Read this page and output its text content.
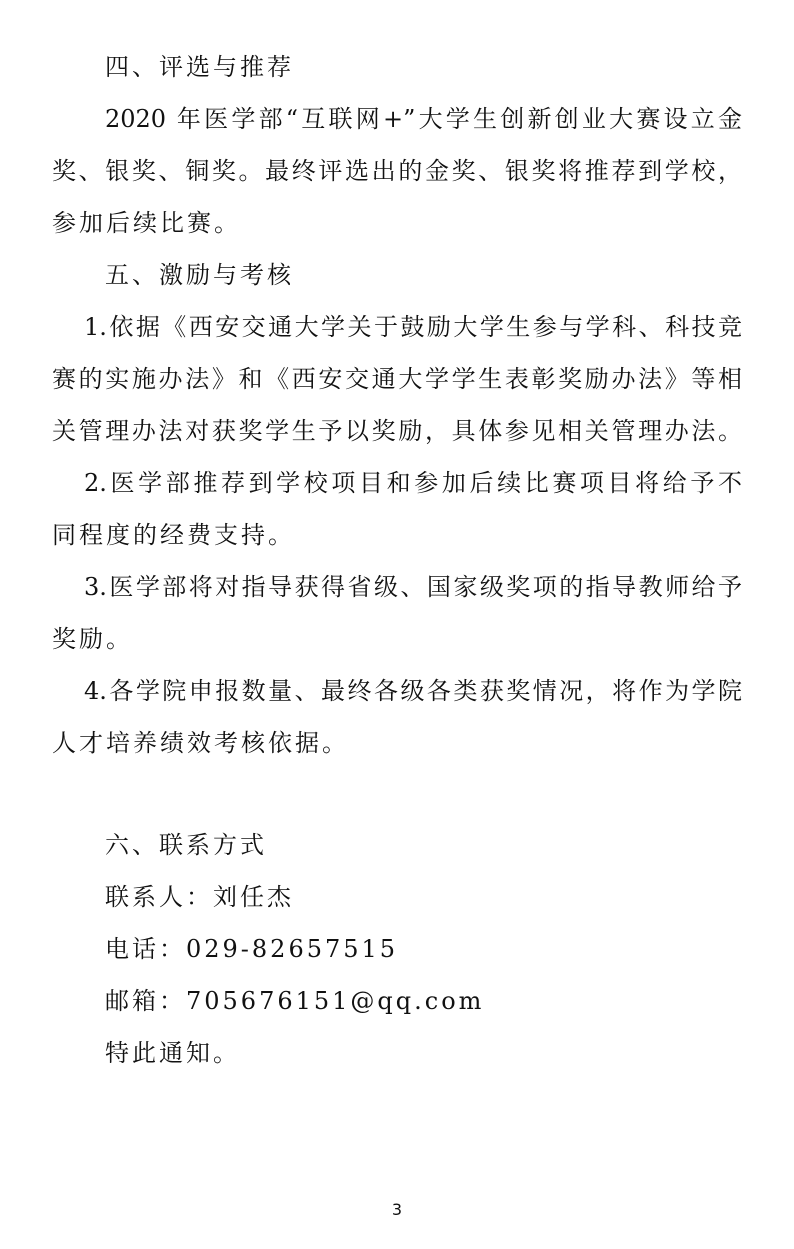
四、评选与推荐
2020 年医学部“互联网+”大学生创新创业大赛设立金
奖、银奖、铜奖。最终评选出的金奖、银奖将推荐到学校，
参加后续比赛。
五、激励与考核
1.依据《西安交通大学关于鼓励大学生参与学科、科技竞
赛的实施办法》和《西安交通大学学生表彰奖励办法》等相
关管理办法对获奖学生予以奖励，具体参见相关管理办法。
2.医学部推荐到学校项目和参加后续比赛项目将给予不
同程度的经费支持。
3.医学部将对指导获得省级、国家级奖项的指导教师给予
奖励。
4.各学院申报数量、最终各级各类获奖情况，将作为学院
人才培养绩效考核依据。
六、联系方式
联系人：刘任杰
电话：029-82657515
邮箱：705676151@qq.com
特此通知。
3
